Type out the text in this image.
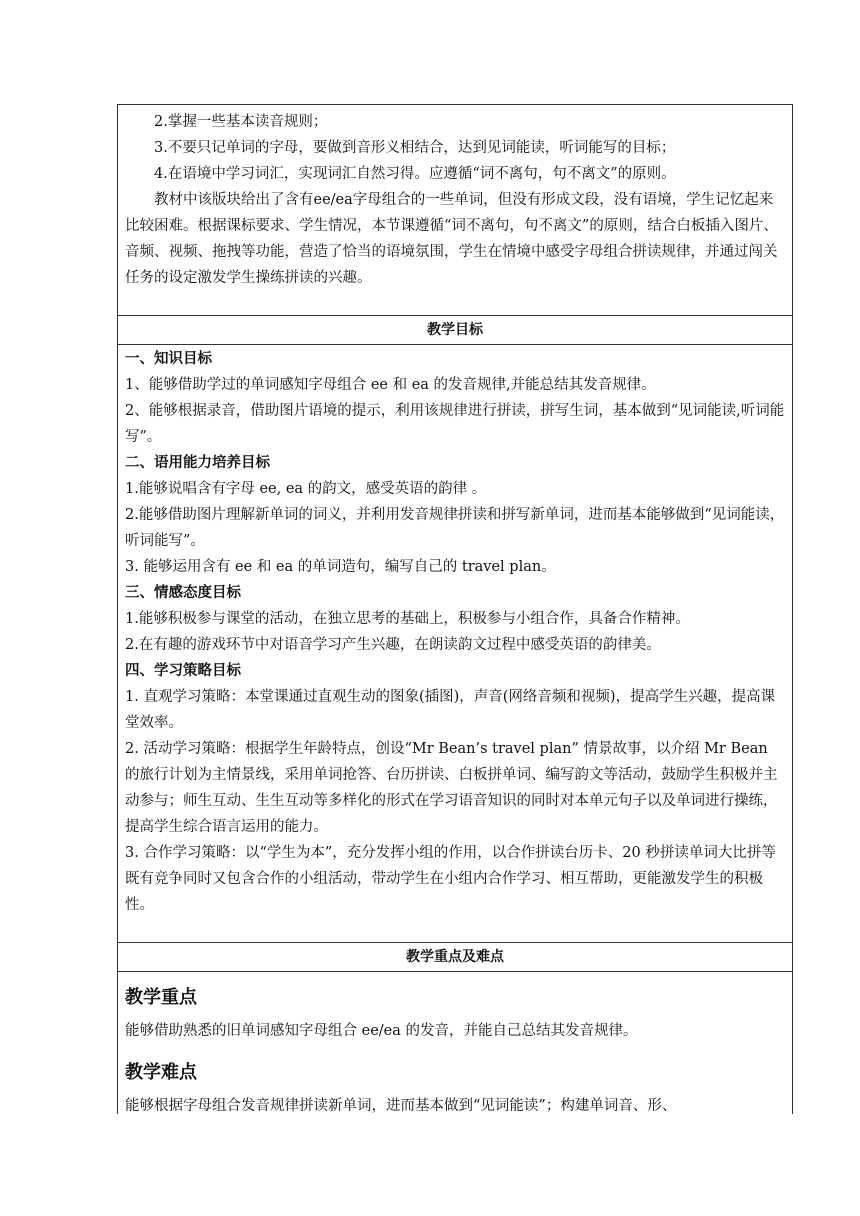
2.掌握一些基本读音规则；

3.不要只记单词的字母，要做到音形义相结合，达到见词能读，听词能写的目标；

4.在语境中学习词汇，实现词汇自然习得。应遵循“词不离句，句不离文”的原则。

教材中该版块给出了含有ee/ea字母组合的一些单词，但没有形成文段，没有语境，学生记忆起来比较困难。根据课标要求、学生情况，本节课遵循“词不离句，句不离文”的原则，结合白板插入图片、音频、视频、拖拽等功能，营造了恰当的语境氛围，学生在情境中感受字母组合拼读规律，并通过闯关任务的设定激发学生操练拼读的兴趣。

教学目标

一、知识目标

1、能够借助学过的单词感知字母组合 ee 和 ea 的发音规律,并能总结其发音规律。

2、能够根据录音，借助图片语境的提示，利用该规律进行拼读，拼写生词，基本做到“见词能读,听词能写”。

二、语用能力培养目标

1.能够说唱含有字母 ee, ea 的韵文，感受英语的韵律 。

2.能够借助图片理解新单词的词义，并利用发音规律拼读和拼写新单词，进而基本能够做到“见词能读，听词能写”。

3. 能够运用含有 ee 和 ea 的单词造句，编写自己的 travel plan。

三、情感态度目标

1.能够积极参与课堂的活动，在独立思考的基础上，积极参与小组合作，具备合作精神。

2.在有趣的游戏环节中对语音学习产生兴趣，在朗读韵文过程中感受英语的韵律美。

四、学习策略目标

1. 直观学习策略：本堂课通过直观生动的图象(插图)，声音(网络音频和视频)，提高学生兴趣，提高课堂效率。

2. 活动学习策略：根据学生年龄特点，创设“Mr Bean’s travel plan” 情景故事，以介绍 Mr Bean 的旅行计划为主情景线，采用单词抢答、台历拼读、白板拼单词、编写韵文等活动，鼓励学生积极并主动参与；师生互动、生生互动等多样化的形式在学习语音知识的同时对本单元句子以及单词进行操练，提高学生综合语言运用的能力。

3. 合作学习策略：以“学生为本”，充分发挥小组的作用，以合作拼读台历卡、20 秒拼读单词大比拼等既有竞争同时又包含合作的小组活动，带动学生在小组内合作学习、相互帮助，更能激发学生的积极性。

教学重点及难点

教学重点

能够借助熟悉的旧单词感知字母组合 ee/ea 的发音，并能自己总结其发音规律。

教学难点

能够根据字母组合发音规律拼读新单词，进而基本做到“见词能读”；构建单词音、形、
